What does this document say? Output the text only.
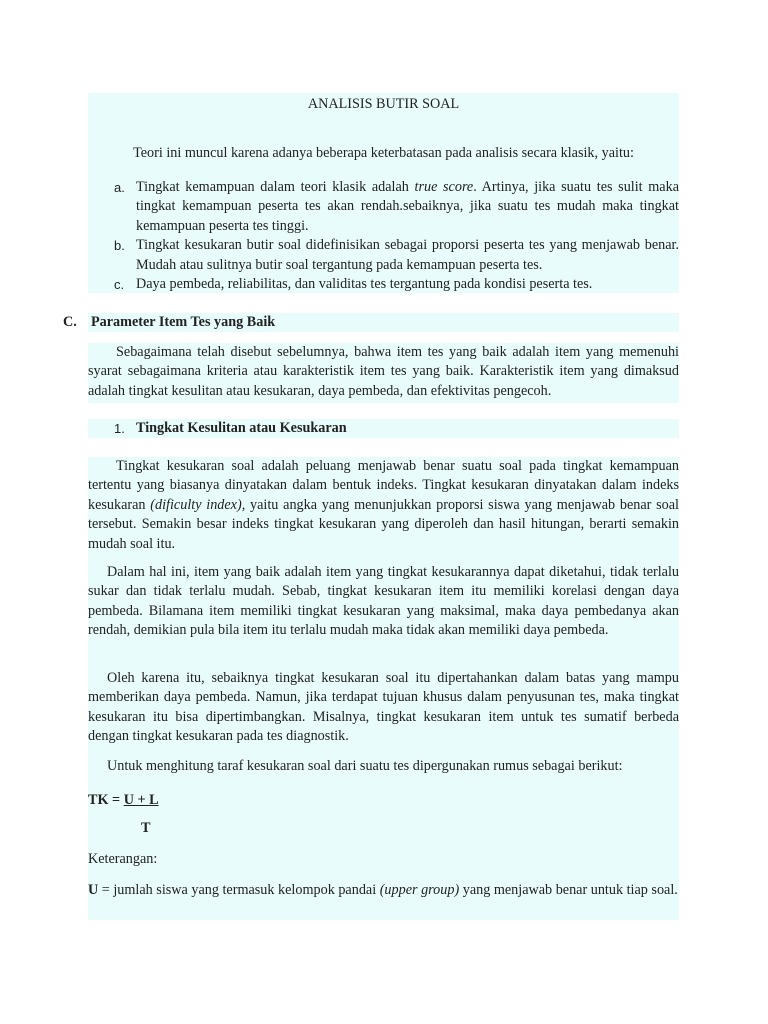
ANALISIS BUTIR SOAL
Teori ini muncul karena adanya beberapa keterbatasan pada analisis secara klasik, yaitu:
a. Tingkat kemampuan dalam teori klasik adalah true score. Artinya, jika suatu tes sulit maka tingkat kemampuan peserta tes akan rendah.sebaiknya, jika suatu tes mudah maka tingkat kemampuan peserta tes tinggi.
b. Tingkat kesukaran butir soal didefinisikan sebagai proporsi peserta tes yang menjawab benar. Mudah atau sulitnya butir soal tergantung pada kemampuan peserta tes.
c. Daya pembeda, reliabilitas, dan validitas tes tergantung pada kondisi peserta tes.
C. Parameter Item Tes yang Baik
Sebagaimana telah disebut sebelumnya, bahwa item tes yang baik adalah item yang memenuhi syarat sebagaimana kriteria atau karakteristik item tes yang baik. Karakteristik item yang dimaksud adalah tingkat kesulitan atau kesukaran, daya pembeda, dan efektivitas pengecoh.
1. Tingkat Kesulitan atau Kesukaran

Tingkat kesukaran soal adalah peluang menjawab benar suatu soal pada tingkat kemampuan tertentu yang biasanya dinyatakan dalam bentuk indeks. Tingkat kesukaran dinyatakan dalam indeks kesukaran (dificulty index), yaitu angka yang menunjukkan proporsi siswa yang menjawab benar soal tersebut. Semakin besar indeks tingkat kesukaran yang diperoleh dan hasil hitungan, berarti semakin mudah soal itu.

Dalam hal ini, item yang baik adalah item yang tingkat kesukarannya dapat diketahui, tidak terlalu sukar dan tidak terlalu mudah. Sebab, tingkat kesukaran item itu memiliki korelasi dengan daya pembeda. Bilamana item memiliki tingkat kesukaran yang maksimal, maka daya pembedanya akan rendah, demikian pula bila item itu terlalu mudah maka tidak akan memiliki daya pembeda.

Oleh karena itu, sebaiknya tingkat kesukaran soal itu dipertahankan dalam batas yang mampu memberikan daya pembeda. Namun, jika terdapat tujuan khusus dalam penyusunan tes, maka tingkat kesukaran itu bisa dipertimbangkan. Misalnya, tingkat kesukaran item untuk tes sumatif berbeda dengan tingkat kesukaran pada tes diagnostik.

Untuk menghitung taraf kesukaran soal dari suatu tes dipergunakan rumus sebagai berikut:

TK = U + L

T

Keterangan:

U = jumlah siswa yang termasuk kelompok pandai (upper group) yang menjawab benar untuk tiap soal.
